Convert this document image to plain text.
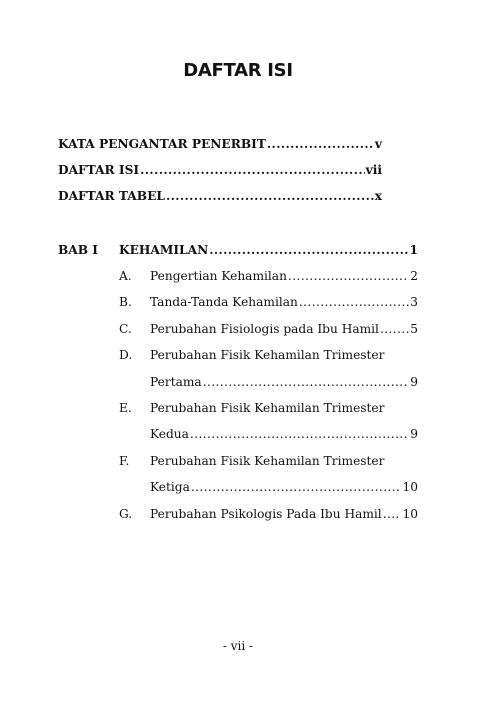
DAFTAR ISI
KATA PENGANTAR PENERBIT .....	v
DAFTAR ISI .....	vii
DAFTAR TABEL .....	x
BAB I KEHAMILAN .....	1
A. Pengertian Kehamilan .....	2
B. Tanda-Tanda Kehamilan .....	3
C. Perubahan Fisiologis pada Ibu Hamil .....	5
D. Perubahan Fisik Kehamilan Trimester
Pertama .....	9
E. Perubahan Fisik Kehamilan Trimester
Kedua .....	9
F. Perubahan Fisik Kehamilan Trimester
Ketiga .....	10
G. Perubahan Psikologis Pada Ibu Hamil ..... 10
- vii -
